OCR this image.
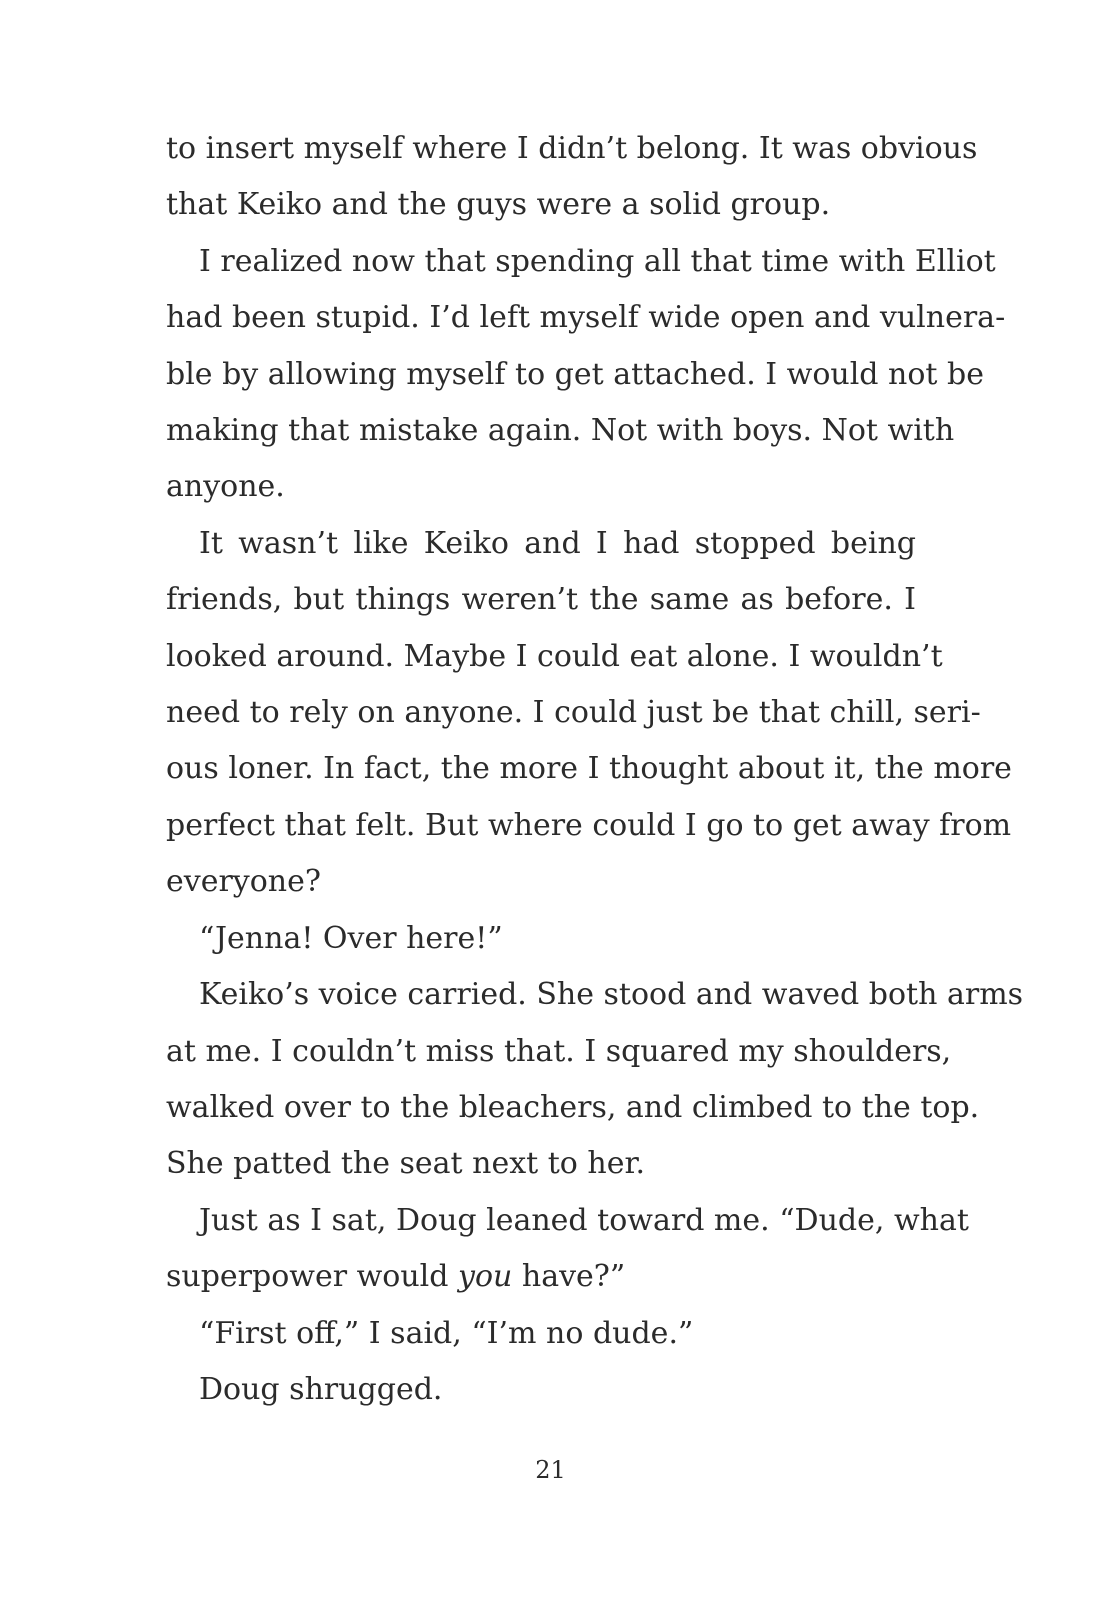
to insert myself where I didn’t belong. It was obvious
that Keiko and the guys were a solid group.

I realized now that spending all that time with Elliot
had been stupid. I’d left myself wide open and vulnera-
ble by allowing myself to get attached. I would not be
making that mistake again. Not with boys. Not with
anyone.

It wasn’t like Keiko and I had stopped being
friends, but things weren’t the same as before. I
looked around. Maybe I could eat alone. I wouldn’t
need to rely on anyone. I could just be that chill, seri-
ous loner. In fact, the more I thought about it, the more
perfect that felt. But where could I go to get away from
everyone?

“Jenna! Over here!”

Keiko’s voice carried. She stood and waved both arms
at me. I couldn’t miss that. I squared my shoulders,
walked over to the bleachers, and climbed to the top.
She patted the seat next to her.

Just as I sat, Doug leaned toward me. “Dude, what
superpower would you have?”

“First off,” I said, “I’m no dude.”

Doug shrugged.

21
